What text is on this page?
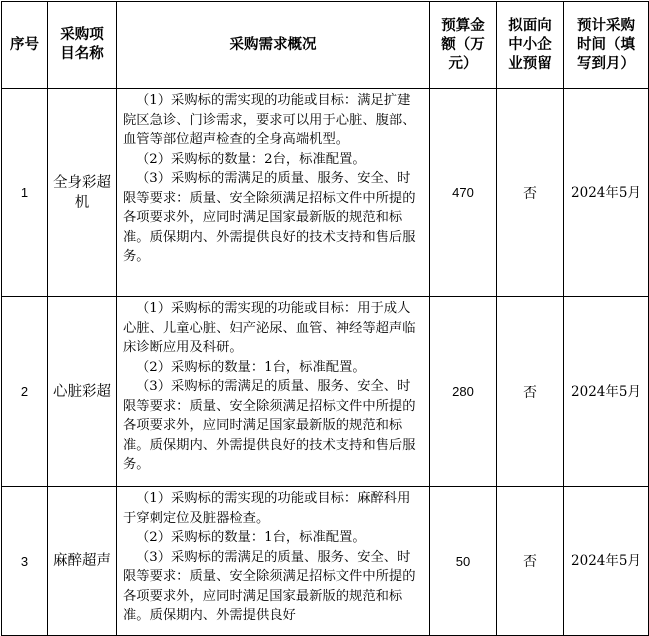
序号	采购项目名称	采购需求概况	预算金额（万元）	拟面向中小企业预留	预计采购时间（填写到月）
1	全身彩超机	（1）采购标的需实现的功能或目标：满足扩建院区急诊、门诊需求，要求可以用于心脏、腹部、血管等部位超声检查的全身高端机型。

（2）采购标的数量：2台，标准配置。

（3）采购标的需满足的质量、服务、安全、时限等要求：质量、安全除须满足招标文件中所提的各项要求外，应同时满足国家最新版的规范和标准。质保期内、外需提供良好的技术支持和售后服务。	470	否	2024年5月
2	心脏彩超	（1）采购标的需实现的功能或目标：用于成人心脏、儿童心脏、妇产泌尿、血管、神经等超声临床诊断应用及科研。

（2）采购标的数量：1台，标准配置。

（3）采购标的需满足的质量、服务、安全、时限等要求：质量、安全除须满足招标文件中所提的各项要求外，应同时满足国家最新版的规范和标准。质保期内、外需提供良好的技术支持和售后服务。	280	否	2024年5月
3	麻醉超声	（1）采购标的需实现的功能或目标：麻醉科用于穿刺定位及脏器检查。

（2）采购标的数量：1台，标准配置。

（3）采购标的需满足的质量、服务、安全、时限等要求：质量、安全除须满足招标文件中所提的各项要求外，应同时满足国家最新版的规范和标准。质保期内、外需提供良好	50	否	2024年5月
